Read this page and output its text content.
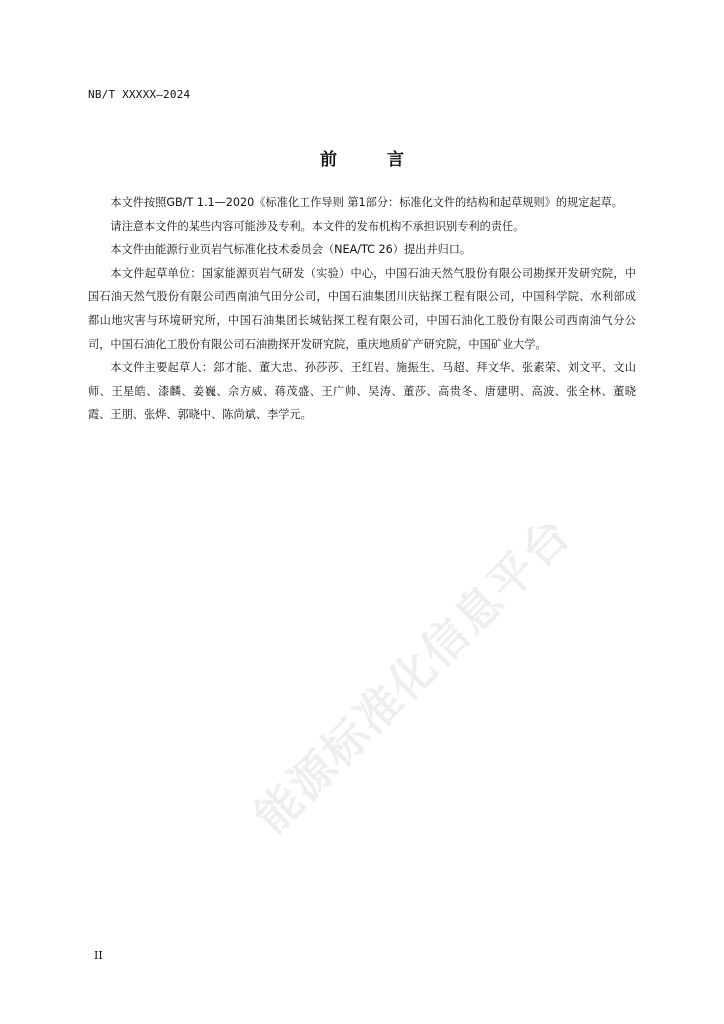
NB/T XXXXX—2024
前	言

本文件按照GB/T 1.1—2020《标准化工作导则 第1部分：标准化文件的结构和起草规则》的规定起草。

请注意本文件的某些内容可能涉及专利。本文件的发布机构不承担识别专利的责任。

本文件由能源行业页岩气标准化技术委员会（NEA/TC 26）提出并归口。

本文件起草单位：国家能源页岩气研发（实验）中心，中国石油天然气股份有限公司勘探开发研究院，中国石油天然气股份有限公司西南油气田分公司，中国石油集团川庆钻探工程有限公司，中国科学院、水利部成都山地灾害与环境研究所，中国石油集团长城钻探工程有限公司，中国石油化工股份有限公司西南油气分公司，中国石油化工股份有限公司石油勘探开发研究院，重庆地质矿产研究院，中国矿业大学。

本文件主要起草人：郐才能、董大忠、孙莎莎、王红岩、施振生、马超、拜文华、张素荣、刘文平、文山师、王星皓、漆麟、姜巍、佘方威、蒋茂盛、王广帅、吴涛、董莎、高贵冬、唐建明、高波、张全林、董晓霞、王朋、张烨、郭晓中、陈尚斌、李学元。

能源标准化信息平台
II
